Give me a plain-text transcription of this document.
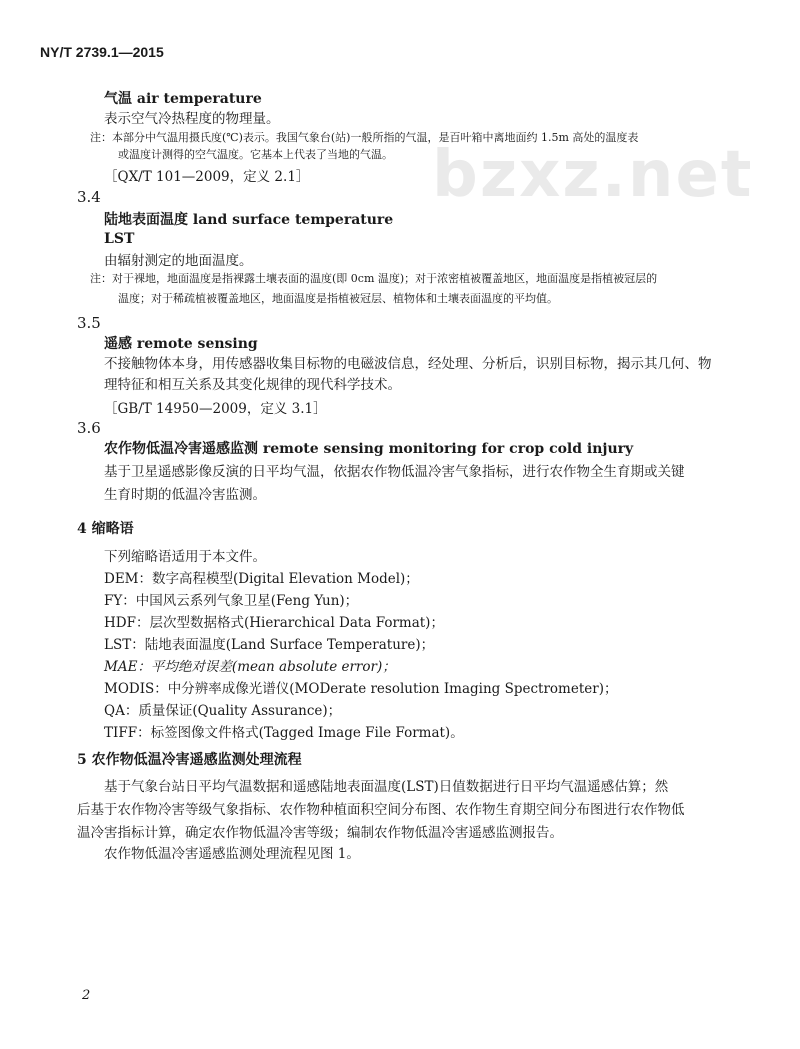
bzxz.net
NY/T 2739.1—2015
气温 air temperature
表示空气冷热程度的物理量。
注：本部分中气温用摄氏度(℃)表示。我国气象台(站)一般所指的气温，是百叶箱中离地面约 1.5m 高处的温度表
或温度计测得的空气温度。它基本上代表了当地的气温。
［QX/T 101—2009，定义 2.1］
3.4
陆地表面温度 land surface temperature
LST
由辐射测定的地面温度。
注：对于裸地，地面温度是指裸露土壤表面的温度(即 0cm 温度)；对于浓密植被覆盖地区，地面温度是指植被冠层的
温度；对于稀疏植被覆盖地区，地面温度是指植被冠层、植物体和土壤表面温度的平均值。
3.5
遥感 remote sensing
不接触物体本身，用传感器收集目标物的电磁波信息，经处理、分析后，识别目标物，揭示其几何、物
理特征和相互关系及其变化规律的现代科学技术。
［GB/T 14950—2009，定义 3.1］
3.6
农作物低温冷害遥感监测 remote sensing monitoring for crop cold injury
基于卫星遥感影像反演的日平均气温，依据农作物低温冷害气象指标，进行农作物全生育期或关键
生育时期的低温冷害监测。
4 缩略语
下列缩略语适用于本文件。
DEM：数字高程模型(Digital Elevation Model)；
FY：中国风云系列气象卫星(Feng Yun)；
HDF：层次型数据格式(Hierarchical Data Format)；
LST：陆地表面温度(Land Surface Temperature)；
MAE：平均绝对误差(mean absolute error)；
MODIS：中分辨率成像光谱仪(MODerate resolution Imaging Spectrometer)；
QA：质量保证(Quality Assurance)；
TIFF：标签图像文件格式(Tagged Image File Format)。
5 农作物低温冷害遥感监测处理流程
基于气象台站日平均气温数据和遥感陆地表面温度(LST)日值数据进行日平均气温遥感估算；然
后基于农作物冷害等级气象指标、农作物种植面积空间分布图、农作物生育期空间分布图进行农作物低
温冷害指标计算，确定农作物低温冷害等级；编制农作物低温冷害遥感监测报告。
农作物低温冷害遥感监测处理流程见图 1。
2
